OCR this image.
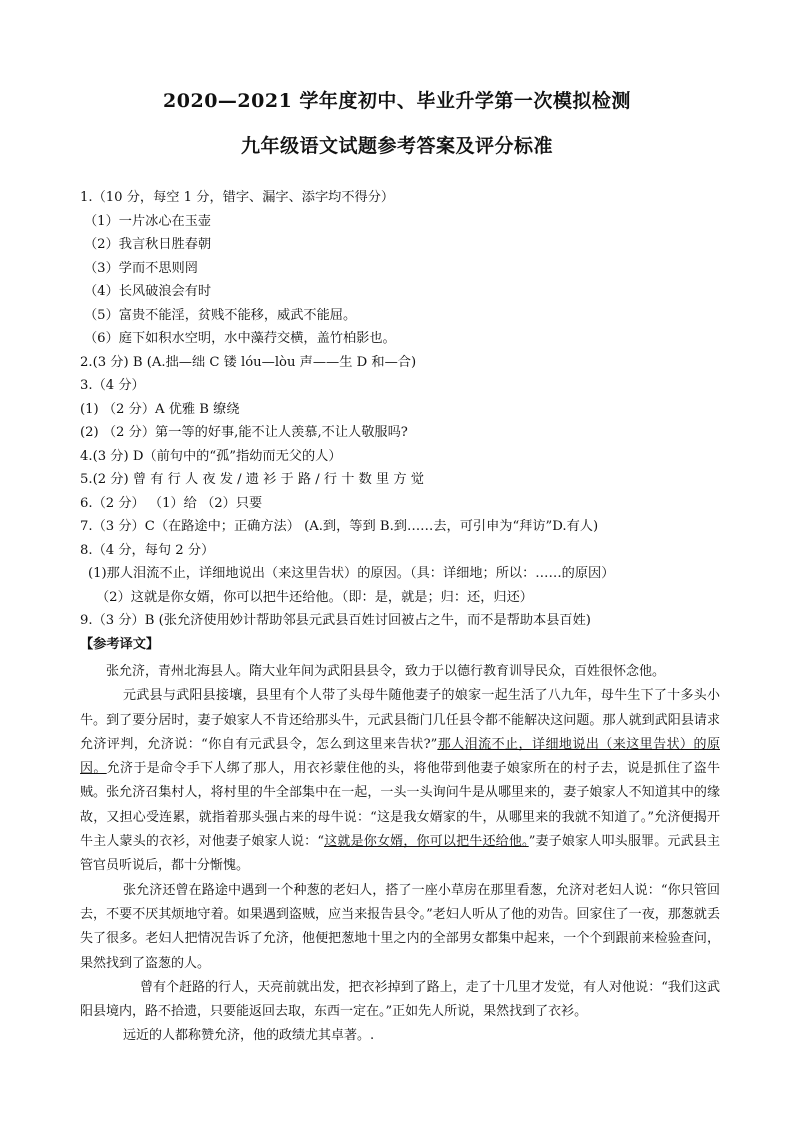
2020—2021 学年度初中、毕业升学第一次模拟检测
九年级语文试题参考答案及评分标准
1.（10 分，每空 1 分，错字、漏字、添字均不得分）
（1）一片冰心在玉壶
（2）我言秋日胜春朝
（3）学而不思则罔
（4）长风破浪会有时
（5）富贵不能淫，贫贱不能移，威武不能屈。
（6）庭下如积水空明，水中藻荇交横，盖竹柏影也。
2.(3 分) B (A.拙—绌 C 镂 lóu—lòu 声——生 D 和—合)
3.（4 分）
(1) （2 分）A 优雅 B 缭绕
(2) （2 分）第一等的好事,能不让人羡慕,不让人敬服吗?
4.(3 分) D（前句中的“孤”指幼而无父的人）
5.(2 分) 曾 有 行 人 夜 发 / 遗 衫 于 路 / 行 十 数 里 方 觉
6.（2 分） （1）给 （2）只要
7.（3 分）C（在路途中；正确方法） (A.到，等到 B.到……去，可引申为“拜访”D.有人)
8.（4 分，每句 2 分）
(1)那人泪流不止，详细地说出（来这里告状）的原因。（具：详细地；所以：……的原因）
（2）这就是你女婿，你可以把牛还给他。（即：是，就是；归：还，归还）
9.（3 分）B (张允济使用妙计帮助邻县元武县百姓讨回被占之牛，而不是帮助本县百姓)
【参考译文】

张允济，青州北海县人。隋大业年间为武阳县县令，致力于以德行教育训导民众，百姓很怀念他。

元武县与武阳县接壤，县里有个人带了头母牛随他妻子的娘家一起生活了八九年，母牛生下了十多头小牛。到了要分居时，妻子娘家人不肯还给那头牛，元武县衙门几任县令都不能解决这问题。那人就到武阳县请求允济评判，允济说：“你自有元武县令，怎么到这里来告状?”那人泪流不止，详细地说出（来这里告状）的原因。允济于是命令手下人绑了那人，用衣衫蒙住他的头，将他带到他妻子娘家所在的村子去，说是抓住了盗牛贼。张允济召集村人，将村里的牛全部集中在一起，一头一头询问牛是从哪里来的，妻子娘家人不知道其中的缘故，又担心受连累，就指着那头强占来的母牛说：“这是我女婿家的牛，从哪里来的我就不知道了。”允济便揭开牛主人蒙头的衣衫，对他妻子娘家人说：“这就是你女婿，你可以把牛还给他。”妻子娘家人叩头服罪。元武县主管官员听说后，都十分惭愧。

张允济还曾在路途中遇到一个种葱的老妇人，搭了一座小草房在那里看葱，允济对老妇人说：“你只管回去，不要不厌其烦地守着。如果遇到盗贼，应当来报告县令。”老妇人听从了他的劝告。回家住了一夜，那葱就丢失了很多。老妇人把情况告诉了允济，他便把葱地十里之内的全部男女都集中起来，一个个到跟前来检验查问，果然找到了盗葱的人。

曾有个赶路的行人，天亮前就出发，把衣衫掉到了路上，走了十几里才发觉，有人对他说：“我们这武阳县境内，路不拾遗，只要能返回去取，东西一定在。”正如先人所说，果然找到了衣衫。

远近的人都称赞允济，他的政绩尤其卓著。.
